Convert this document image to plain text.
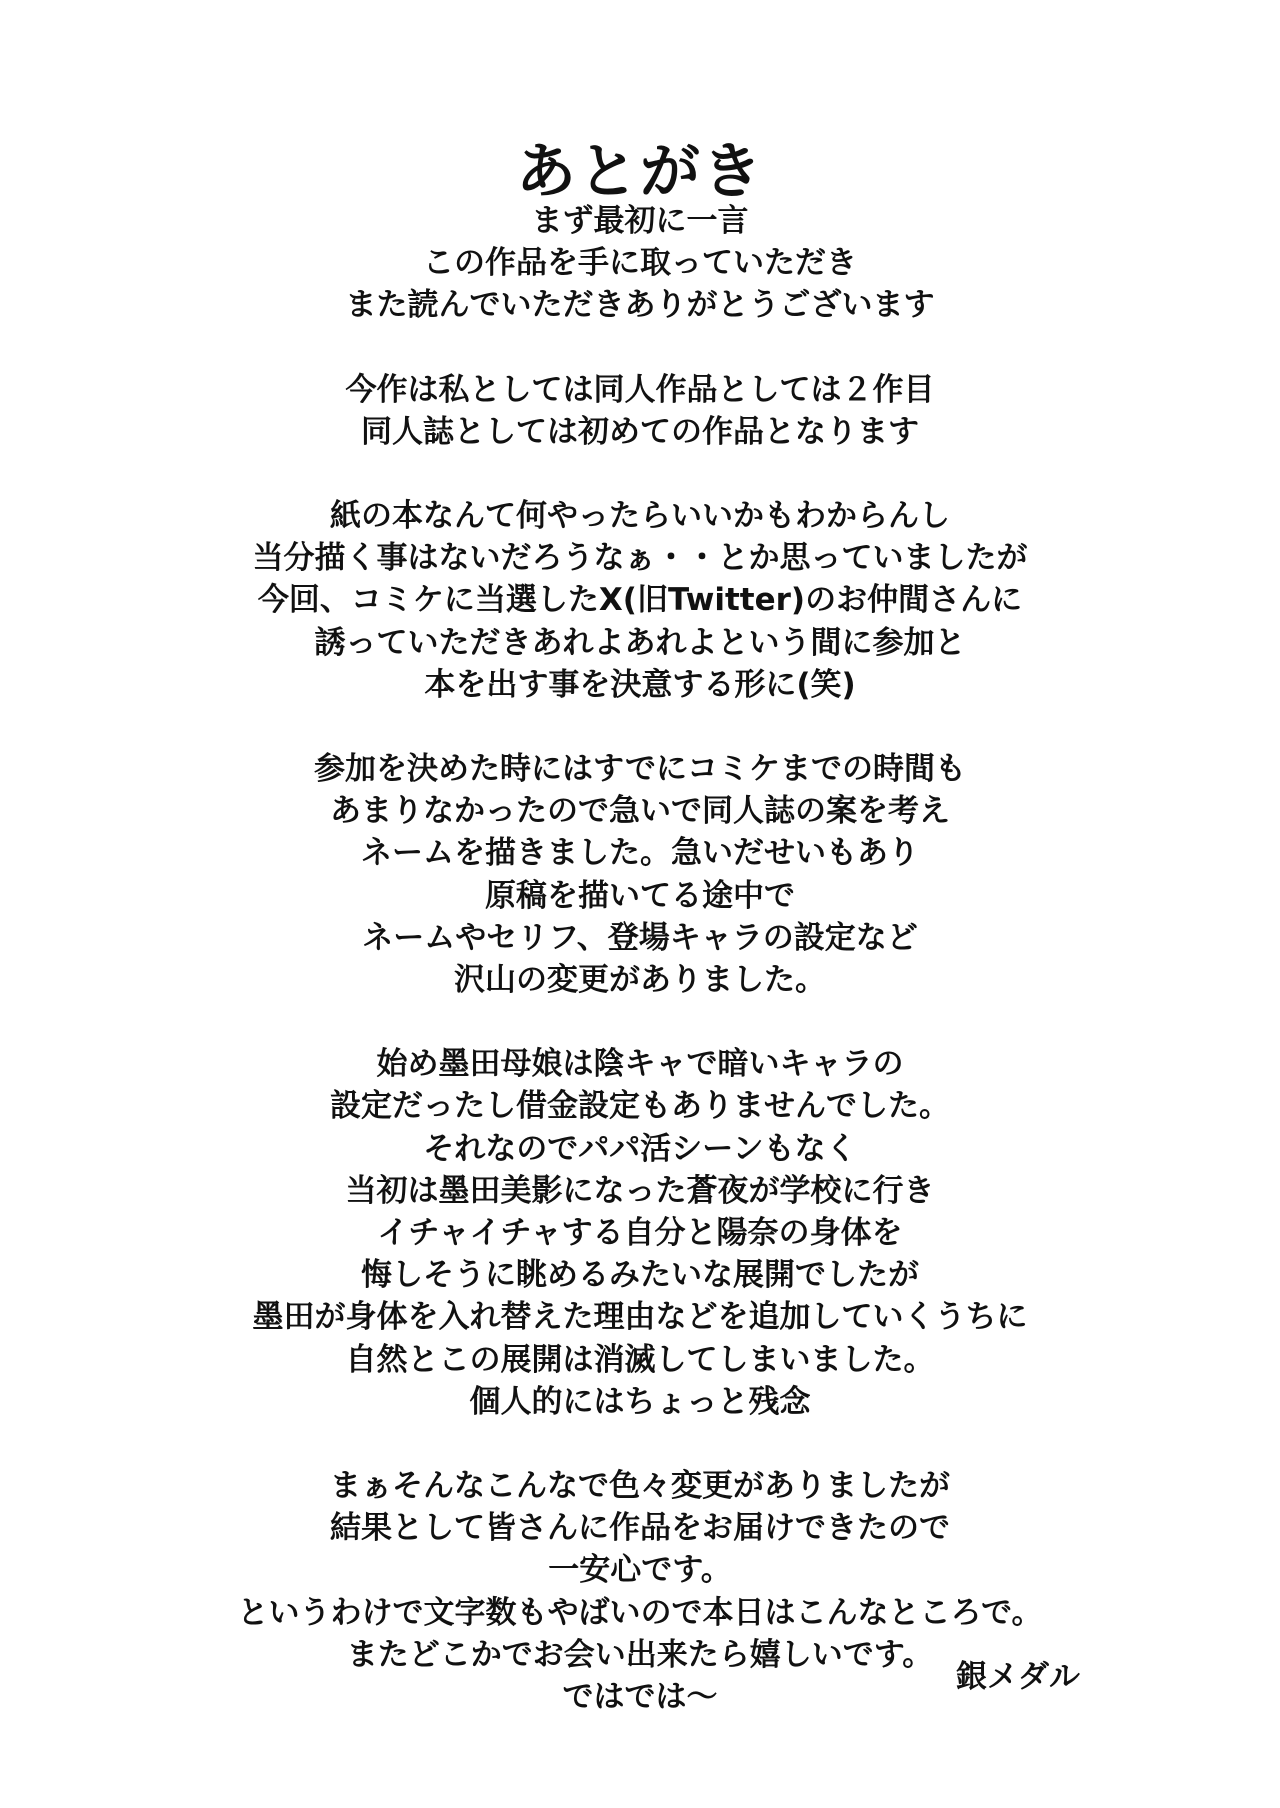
あとがき

まず最初に一言
この作品を手に取っていただき
また読んでいただきありがとうございます

今作は私としては同人作品としては２作目
同人誌としては初めての作品となります

紙の本なんて何やったらいいかもわからんし
当分描く事はないだろうなぁ・・とか思っていましたが
今回、コミケに当選したX(旧Twitter)のお仲間さんに
誘っていただきあれよあれよという間に参加と
本を出す事を決意する形に(笑)

参加を決めた時にはすでにコミケまでの時間も
あまりなかったので急いで同人誌の案を考え
ネームを描きました。急いだせいもあり
原稿を描いてる途中で
ネームやセリフ、登場キャラの設定など
沢山の変更がありました。

始め墨田母娘は陰キャで暗いキャラの
設定だったし借金設定もありませんでした。
それなのでパパ活シーンもなく
当初は墨田美影になった蒼夜が学校に行き
イチャイチャする自分と陽奈の身体を
悔しそうに眺めるみたいな展開でしたが
墨田が身体を入れ替えた理由などを追加していくうちに
自然とこの展開は消滅してしまいました。
個人的にはちょっと残念

まぁそんなこんなで色々変更がありましたが
結果として皆さんに作品をお届けできたので
一安心です。
というわけで文字数もやばいので本日はこんなところで。
またどこかでお会い出来たら嬉しいです。
ではでは～

銀メダル
